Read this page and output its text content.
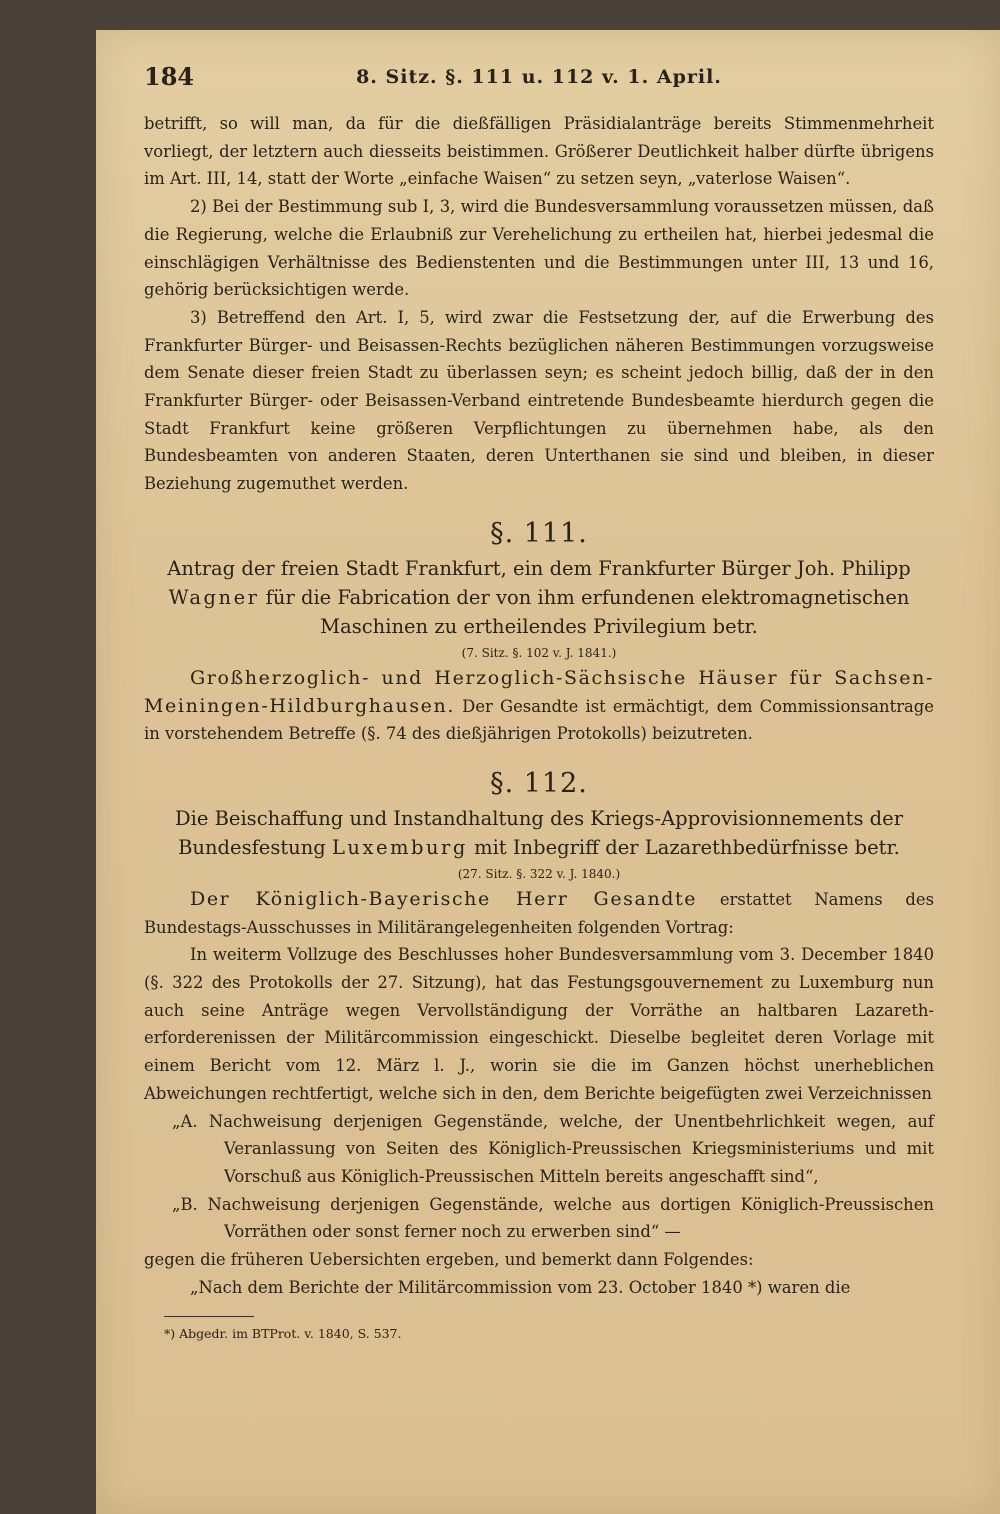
184	8. Sitz. §. 111 u. 112 v. 1. April.

betrifft, so will man, da für die dießfälligen Präsidialanträge bereits Stimmenmehrheit vorliegt, der letztern auch diesseits beistimmen. Größerer Deutlichkeit halber dürfte übrigens im Art. III, 14, statt der Worte „einfache Waisen“ zu setzen seyn, „vaterlose Waisen“.

2) Bei der Bestimmung sub I, 3, wird die Bundesversammlung voraussetzen müssen, daß die Regierung, welche die Erlaubniß zur Verehelichung zu ertheilen hat, hierbei jedesmal die einschlägigen Verhältnisse des Bedienstenten und die Bestimmungen unter III, 13 und 16, gehörig berücksichtigen werde.

3) Betreffend den Art. I, 5, wird zwar die Festsetzung der, auf die Erwerbung des Frankfurter Bürger- und Beisassen-Rechts bezüglichen näheren Bestimmungen vorzugsweise dem Senate dieser freien Stadt zu überlassen seyn; es scheint jedoch billig, daß der in den Frankfurter Bürger- oder Beisassen-Verband eintretende Bundesbeamte hierdurch gegen die Stadt Frankfurt keine größeren Verpflichtungen zu übernehmen habe, als den Bundesbeamten von anderen Staaten, deren Unterthanen sie sind und bleiben, in dieser Beziehung zugemuthet werden.

§. 111.
Antrag der freien Stadt Frankfurt, ein dem Frankfurter Bürger Joh. Philipp Wagner für die Fabrication der von ihm erfundenen elektromagnetischen Maschinen zu ertheilendes Privilegium betr.
(7. Sitz. §. 102 v. J. 1841.)

Großherzoglich- und Herzoglich-Sächsische Häuser für Sachsen-Meiningen-Hildburghausen. Der Gesandte ist ermächtigt, dem Commissionsantrage in vorstehendem Betreffe (§. 74 des dießjährigen Protokolls) beizutreten.

§. 112.
Die Beischaffung und Instandhaltung des Kriegs-Approvisionnements der Bundesfestung Luxemburg mit Inbegriff der Lazarethbedürfnisse betr.
(27. Sitz. §. 322 v. J. 1840.)

Der Königlich-Bayerische Herr Gesandte erstattet Namens des Bundestags-Ausschusses in Militärangelegenheiten folgenden Vortrag:

In weiterm Vollzuge des Beschlusses hoher Bundesversammlung vom 3. December 1840 (§. 322 des Protokolls der 27. Sitzung), hat das Festungsgouvernement zu Luxemburg nun auch seine Anträge wegen Vervollständigung der Vorräthe an haltbaren Lazareth-erforderenissen der Militärcommission eingeschickt. Dieselbe begleitet deren Vorlage mit einem Bericht vom 12. März l. J., worin sie die im Ganzen höchst unerheblichen Abweichungen rechtfertigt, welche sich in den, dem Berichte beigefügten zwei Verzeichnissen

„A. Nachweisung derjenigen Gegenstände, welche, der Unentbehrlichkeit wegen, auf Veranlassung von Seiten des Königlich-Preussischen Kriegsministeriums und mit Vorschuß aus Königlich-Preussischen Mitteln bereits angeschafft sind“,

„B. Nachweisung derjenigen Gegenstände, welche aus dortigen Königlich-Preussischen Vorräthen oder sonst ferner noch zu erwerben sind“ —

gegen die früheren Uebersichten ergeben, und bemerkt dann Folgendes:

„Nach dem Berichte der Militärcommission vom 23. October 1840 *) waren die

*) Abgedr. im BTProt. v. 1840, S. 537.
